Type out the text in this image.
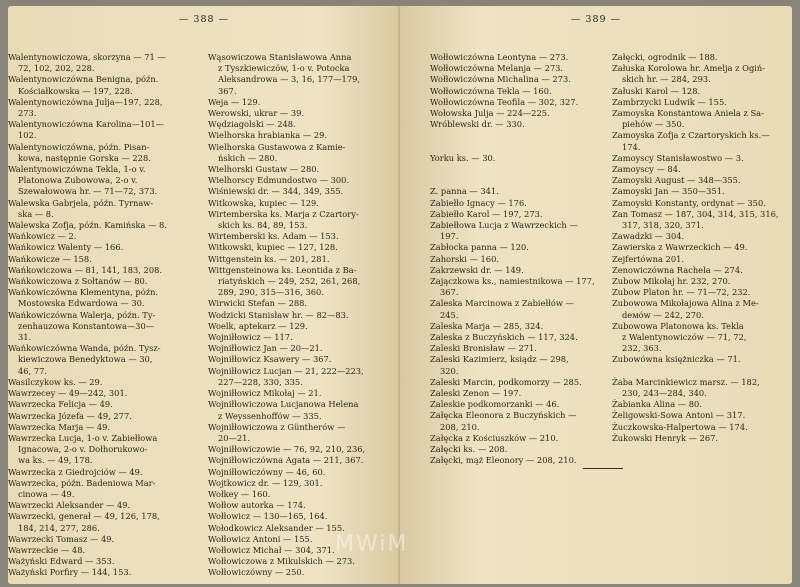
— 388 —
Walentynowiczowa, skorzyna — 71 —
72, 102, 202, 228.
Walentynowiczówna Benigna, późn.
Kościałkowska — 197, 228.
Walentynowiczówna Julja—197, 228,
273.
Walentynowiczówna Karolina—101—
102.
Walentynowiczówna, późn. Pisan-
kowa, następnie Gorska — 228.
Walentynowiczówna Tekla, 1-o v.
Platonowa Zubowowa, 2-o v.
Szewałowowa hr. — 71—72, 373.
Walewska Gabrjela, późn. Tyrnaw-
ska — 8.
Walewska Zofja, późn. Kamińska — 8.
Wańkowicz — 2.
Wańkowicz Walenty — 166.
Wańkowicze — 158.
Wańkowiczowa — 81, 141, 183, 208.
Wańkowiczowa z Sołtanów — 80.
Wańkowiczówna Klementyna, późn.
Mostowska Edwardowa — 30.
Wańkowiczówna Walerja, późn. Ty-
zenhauzowa Konstantowa—30—
31.
Wańkowiczówna Wanda, późn. Tysz-
kiewiczowa Benedyktowa — 30,
46, 77.
Wasilczykow ks. — 29.
Wawrzecey — 49—242, 301.
Wawrzecka Felicja — 49.
Wawrzecka Józefa — 49, 277.
Wawrzecka Marja — 49.
Wawrzecka Lucja, 1-o v. Zabiełłowa
Ignacowa, 2-o v. Dołhorukowo-
wa ks. — 49, 178.
Wawrzecka z Giedrojciów — 49.
Wawrzecka, późn. Badeniowa Mar-
cinowa — 49.
Wawrzecki Aleksander — 49.
Wawrzecki, generał — 49, 126, 178,
184, 214, 277, 286.
Wawrzecki Tomasz — 49.
Wawrzeckie — 48.
Ważyński Edward — 353.
Ważyński Porfiry — 144, 153.
Wąsowiczowa Stanisławowa Anna
z Tyszkiewiczów, 1-o v. Potocka
Aleksandrowa — 3, 16, 177—179,
367.
Weja — 129.
Werowski, ukrar — 39.
Wędziagolski — 248.
Wielhorska hrabianka — 29.
Wielhorska Gustawowa z Kamie-
ńskich — 280.
Wielhorski Gustaw — 280.
Wielhorscy Edmundostwo — 300.
Wiśniewski dr. — 344, 349, 355.
Witkowska, kupiec — 129.
Wirtemberska ks. Marja z Czartory-
skich ks. 84, 89, 153.
Wirtemberski ks. Adam — 153.
Witkowski, kupiec — 127, 128.
Wittgenstein ks. — 201, 281.
Wittgensteinowa ks. Leontida z Ba-
riatyńskich — 249, 252, 261, 268,
289, 290, 315—316, 360.
Wirwicki Stefan — 288.
Wodzicki Stanisław hr. — 82—83.
Woelk, aptekarz — 129.
Wojniłłowicz — 117.
Wojniłłowicz Jan — 20—21.
Wojniłłowicz Ksawery — 367.
Wojniłłowicz Lucjan — 21, 222—223,
227—228, 330, 335.
Wojniłłowicz Mikołaj — 21.
Wojniłłowiczowa Lucjanowa Helena
z Weyssenhoffów — 335.
Wojniłłowiczowa z Güntherów —
20—21.
Wojniłłowiczowie — 76, 92, 210, 236,
Wojniłłowiczówna Agata — 211, 367.
Wojniłłowiczówny — 46, 60.
Wojtkowicz dr. — 129, 301.
Wołkey — 160.
Wołłow autorka — 174.
Wołłowicz — 130—165, 164.
Wołodkowicz Aleksander — 155.
Wołłowicz Antoni — 155.
Wołłowicz Michał — 304, 371.
Wołłowiczowa z Mikulskich — 273.
Wołłowiczówny — 250.
— 389 —
Wołłowiczówna Leontyna — 273.
Wołłowiczówna Melanja — 273.
Wołłowiczówna Michalina — 273.
Wołłowiczówna Tekla — 160.
Wołłowiczówna Teofila — 302, 327.
Wołowska Julja — 224—225.
Wróblewski dr. — 330.
Yorku ks. — 30.
Z. panna — 341.
Zabiełło Ignacy — 176.
Zabiełło Karol — 197, 273.
Zabiełłowa Lucja z Wawrzeckich —
197.
Zabłocka panna — 120.
Zahorski — 160.
Zakrzewski dr. — 149.
Zajączkowa ks., namiestnikowa — 177,
367.
Zaleska Marcinowa z Zabiełłów —
245.
Zaleska Marja — 285, 324.
Zaleska z Buczyńskich — 117, 324.
Zaleski Bronisław — 271.
Zaleski Kazimierz, ksiądz — 298,
320.
Zaleski Marcin, podkomorzy — 285.
Zaleski Zenon — 197.
Zaleskie podkomorzanki — 46.
Załęcka Eleonora z Buczyńskich —
208, 210.
Załęcka z Kościuszków — 210.
Załęcki ks. — 208.
Załęcki, mąż Eleonory — 208, 210.
Załęcki, ogrodnik — 188.
Załuska Korolowa hr. Amelja z Ogiń-
skich hr. — 284, 293.
Załuski Karol — 128.
Zambrzycki Ludwik — 155.
Zamoyska Konstantowa Aniela z Sa-
piehów — 350.
Zamoyska Zofja z Czartoryskich ks.—
174.
Zamoyscy Stanisławostwo — 3.
Zamoyscy — 84.
Zamoyski August — 348—355.
Zamoyski Jan — 350—351.
Zamoyski Konstanty, ordynat — 350.
Zan Tomasz — 187, 304, 314, 315, 316,
317, 318, 320, 371.
Zawadzki — 304.
Zawierska z Wawrzeckich — 49.
Zejfertówna 201.
Zenowiczówna Rachela — 274.
Zubow Mikołaj hr. 232, 270.
Zubow Platon hr. — 71—72, 232.
Zubowowa Mikołajowa Alina z Me-
dемów — 242, 270.
Zubowowa Platonowa ks. Tekla
z Walentynowiczów — 71, 72,
232, 363.
Zubowówna księżniczka — 71.
Żaba Marcinkiewicz marsz. — 182,
230, 243—284, 340.
Żabianka Alina — 80.
Żeligowski-Sowa Antoni — 317.
Żuczkowska-Halpertowa — 174.
Żukowski Henryk — 267.
MWiM
